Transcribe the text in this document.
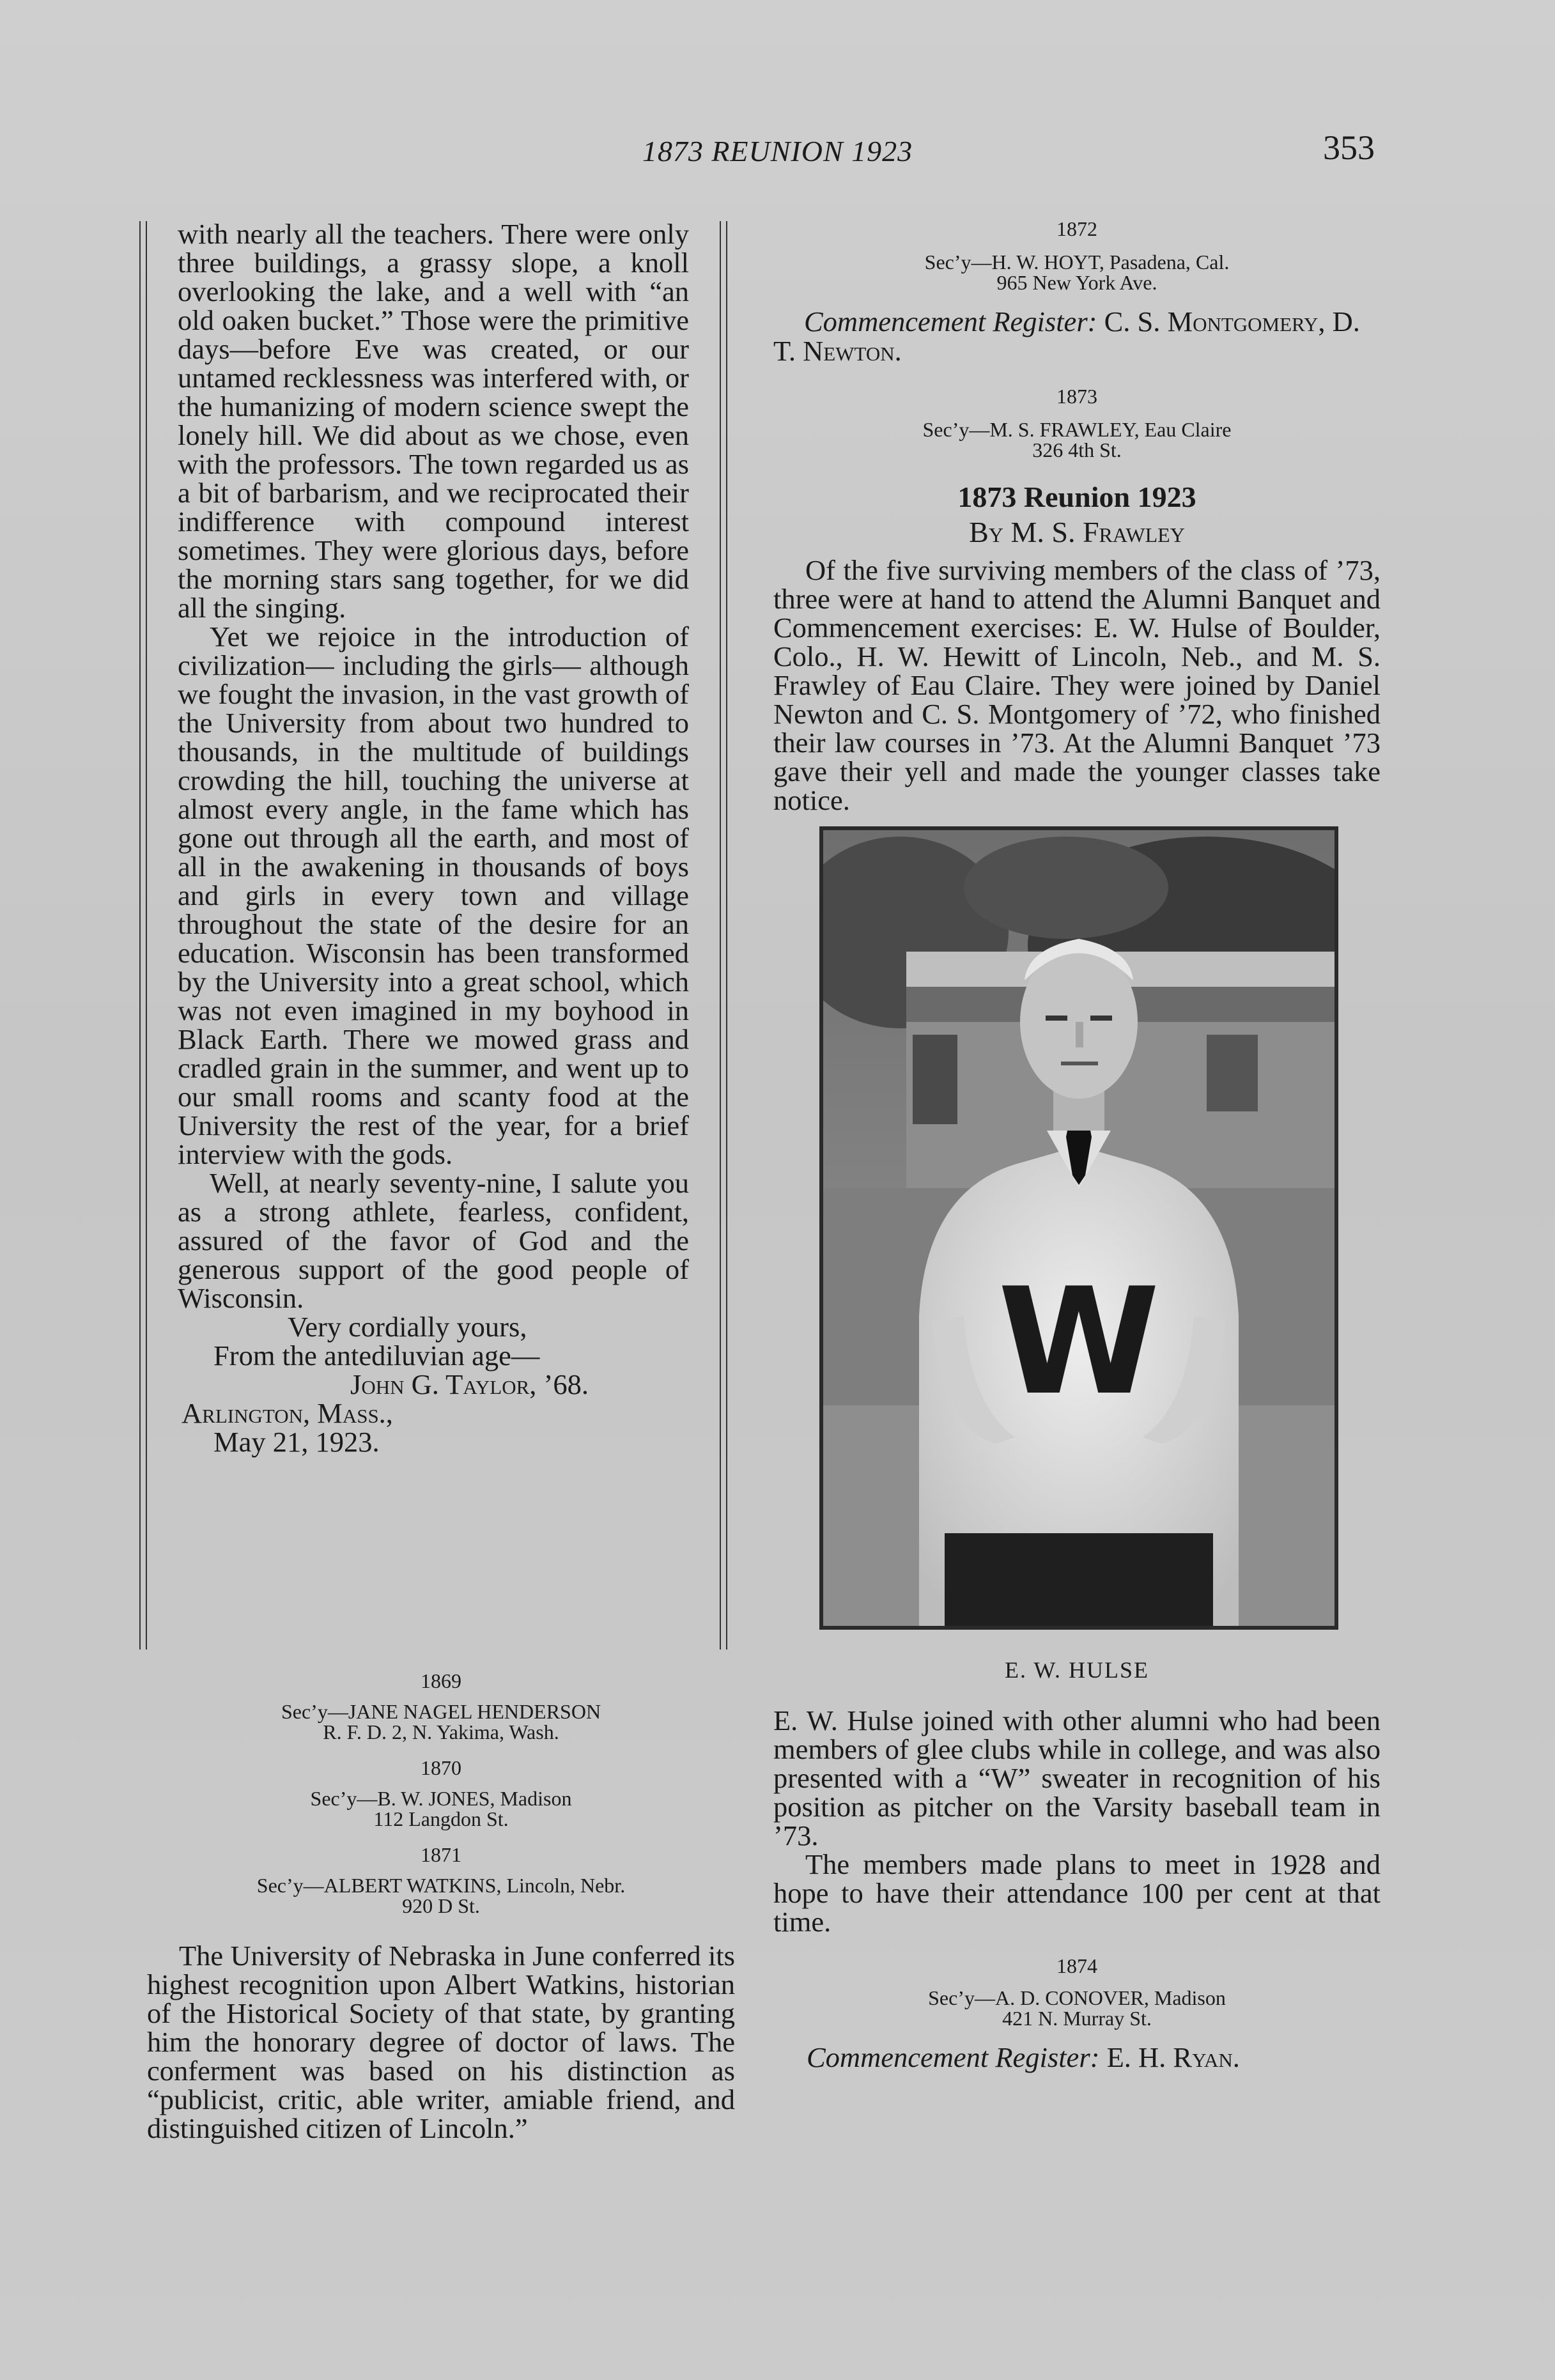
1873 REUNION 1923	353

with nearly all the teachers. There were only three buildings, a grassy slope, a knoll overlooking the lake, and a well with “an old oaken bucket.” Those were the primitive days—before Eve was created, or our untamed recklessness was interfered with, or the humanizing of modern science swept the lonely hill. We did about as we chose, even with the professors. The town regarded us as a bit of barbarism, and we reciprocated their indifference with compound interest sometimes. They were glorious days, before the morning stars sang together, for we did all the singing.

Yet we rejoice in the introduction of civilization— including the girls— although we fought the invasion, in the vast growth of the University from about two hundred to thousands, in the multitude of buildings crowding the hill, touching the universe at almost every angle, in the fame which has gone out through all the earth, and most of all in the awakening in thousands of boys and girls in every town and village throughout the state of the desire for an education. Wisconsin has been transformed by the University into a great school, which was not even imagined in my boyhood in Black Earth. There we mowed grass and cradled grain in the summer, and went up to our small rooms and scanty food at the University the rest of the year, for a brief interview with the gods.

Well, at nearly seventy-nine, I salute you as a strong athlete, fearless, confident, assured of the favor of God and the generous support of the good people of Wisconsin.

Very cordially yours,
From the antediluvian age—
John G. Taylor, ’68.
Arlington, Mass.,
May 21, 1923.
1869
Sec’y—JANE NAGEL HENDERSON
R. F. D. 2, N. Yakima, Wash.
1870
Sec’y—B. W. JONES, Madison
112 Langdon St.
1871
Sec’y—ALBERT WATKINS, Lincoln, Nebr.
920 D St.

The University of Nebraska in June conferred its highest recognition upon Albert Watkins, historian of the Historical Society of that state, by granting him the honorary degree of doctor of laws. The conferment was based on his distinction as “publicist, critic, able writer, amiable friend, and distinguished citizen of Lincoln.”

1872
Sec’y—H. W. HOYT, Pasadena, Cal.
965 New York Ave.

Commencement Register: C. S. Montgomery, D. T. Newton.

1873
Sec’y—M. S. FRAWLEY, Eau Claire
326 4th St.
1873 Reunion 1923
By M. S. Frawley

Of the five surviving members of the class of ’73, three were at hand to attend the Alumni Banquet and Commencement exercises: E. W. Hulse of Boulder, Colo., H. W. Hewitt of Lincoln, Neb., and M. S. Frawley of Eau Claire. They were joined by Daniel Newton and C. S. Montgomery of ’72, who finished their law courses in ’73. At the Alumni Banquet ’73 gave their yell and made the younger classes take notice.

W
E. W. HULSE

E. W. Hulse joined with other alumni who had been members of glee clubs while in college, and was also presented with a “W” sweater in recognition of his position as pitcher on the Varsity baseball team in ’73.

The members made plans to meet in 1928 and hope to have their attendance 100 per cent at that time.

1874
Sec’y—A. D. CONOVER, Madison
421 N. Murray St.

Commencement Register: E. H. Ryan.
